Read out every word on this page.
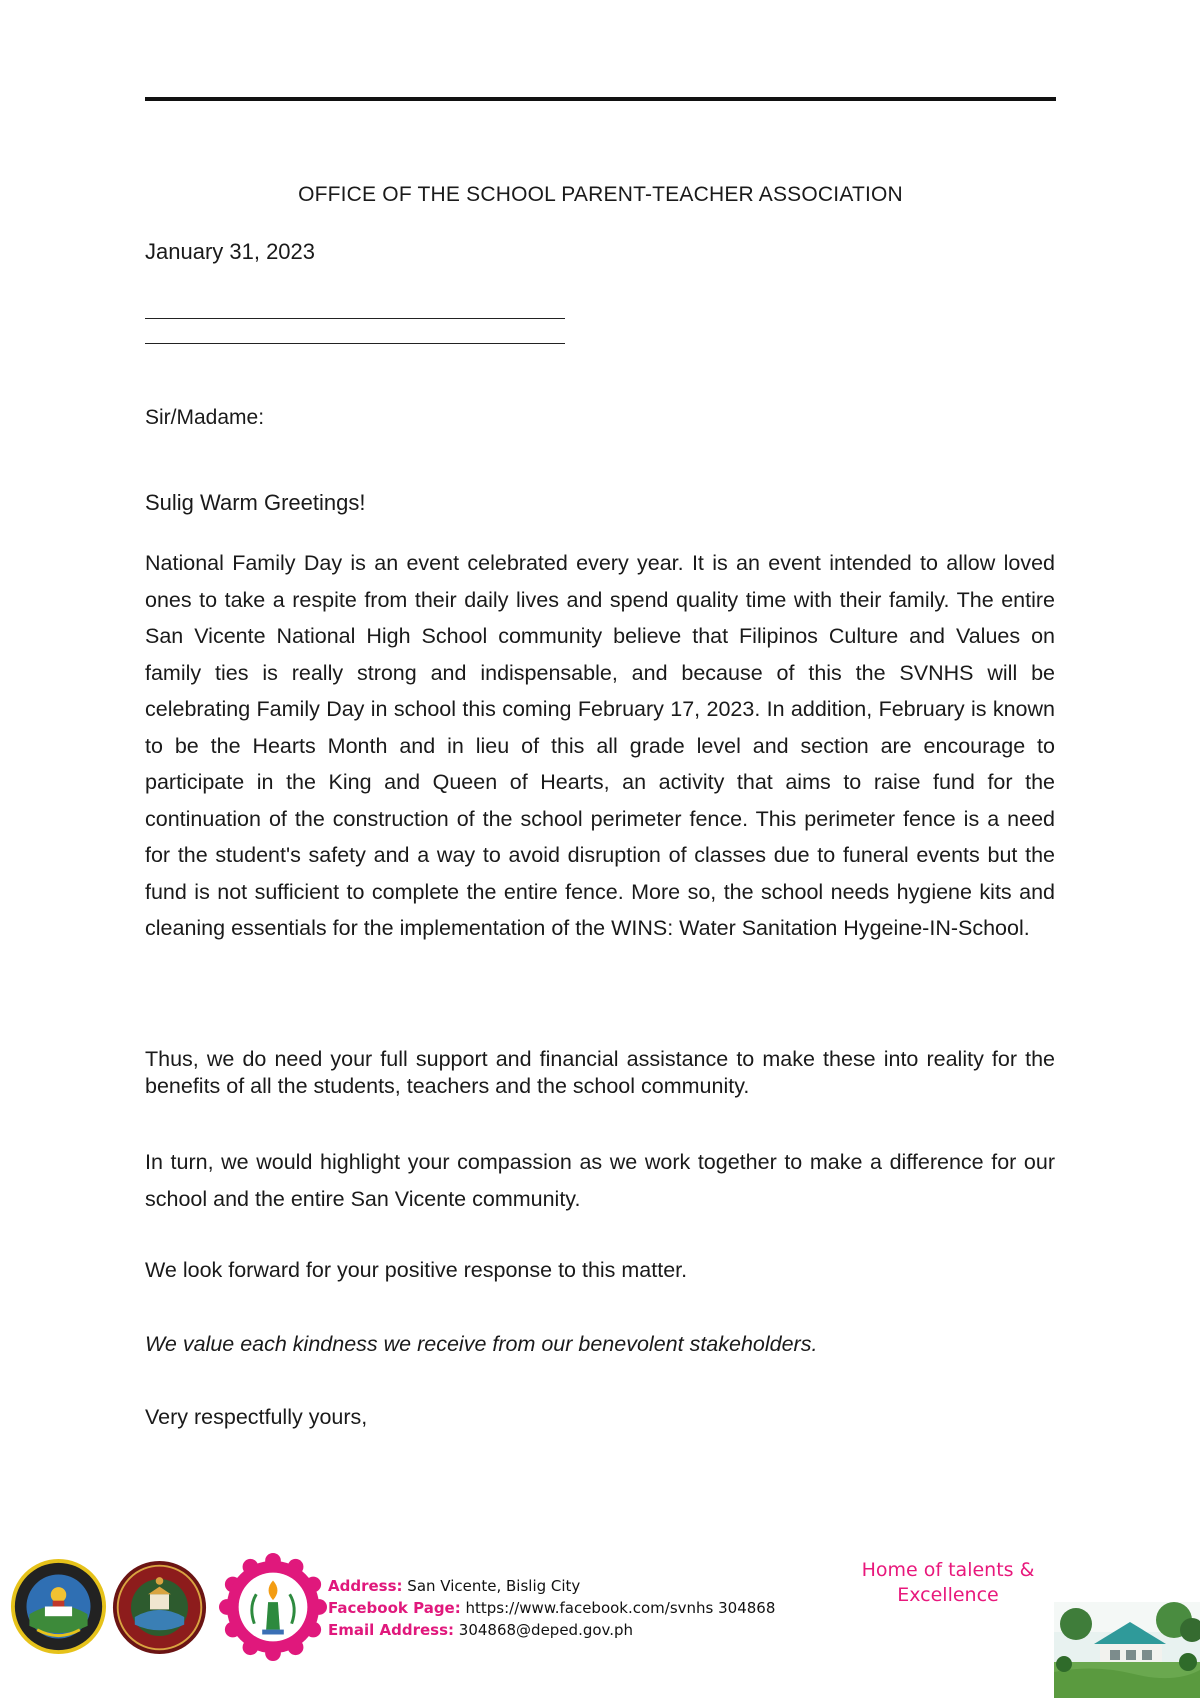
OFFICE OF THE SCHOOL PARENT-TEACHER ASSOCIATION
January 31, 2023
Sir/Madame:
Sulig Warm Greetings!
National Family Day is an event celebrated every year. It is an event intended to allow loved ones to take a respite from their daily lives and spend quality time with their family. The entire San Vicente National High School community believe that Filipinos Culture and Values on family ties is really strong and indispensable, and because of this the SVNHS will be celebrating Family Day in school this coming February 17, 2023. In addition, February is known to be the Hearts Month and in lieu of this all grade level and section are encourage to participate in the King and Queen of Hearts, an activity that aims to raise fund for the continuation of the construction of the school perimeter fence. This perimeter fence is a need for the student's safety and a way to avoid disruption of classes due to funeral events but the fund is not sufficient to complete the entire fence. More so, the school needs hygiene kits and cleaning essentials for the implementation of the WINS: Water Sanitation Hygeine-IN-School.
Thus, we do need your full support and financial assistance to make these into reality for the benefits of all the students, teachers and the school community.
In turn, we would highlight your compassion as we work together to make a difference for our school and the entire San Vicente community.
We look forward for your positive response to this matter.
We value each kindness we receive from our benevolent stakeholders.
Very respectfully yours,
Address: San Vicente, Bislig City
Facebook Page: https://www.facebook.com/svnhs 304868
Email Address: 304868@deped.gov.ph
Home of talents &
Excellence
